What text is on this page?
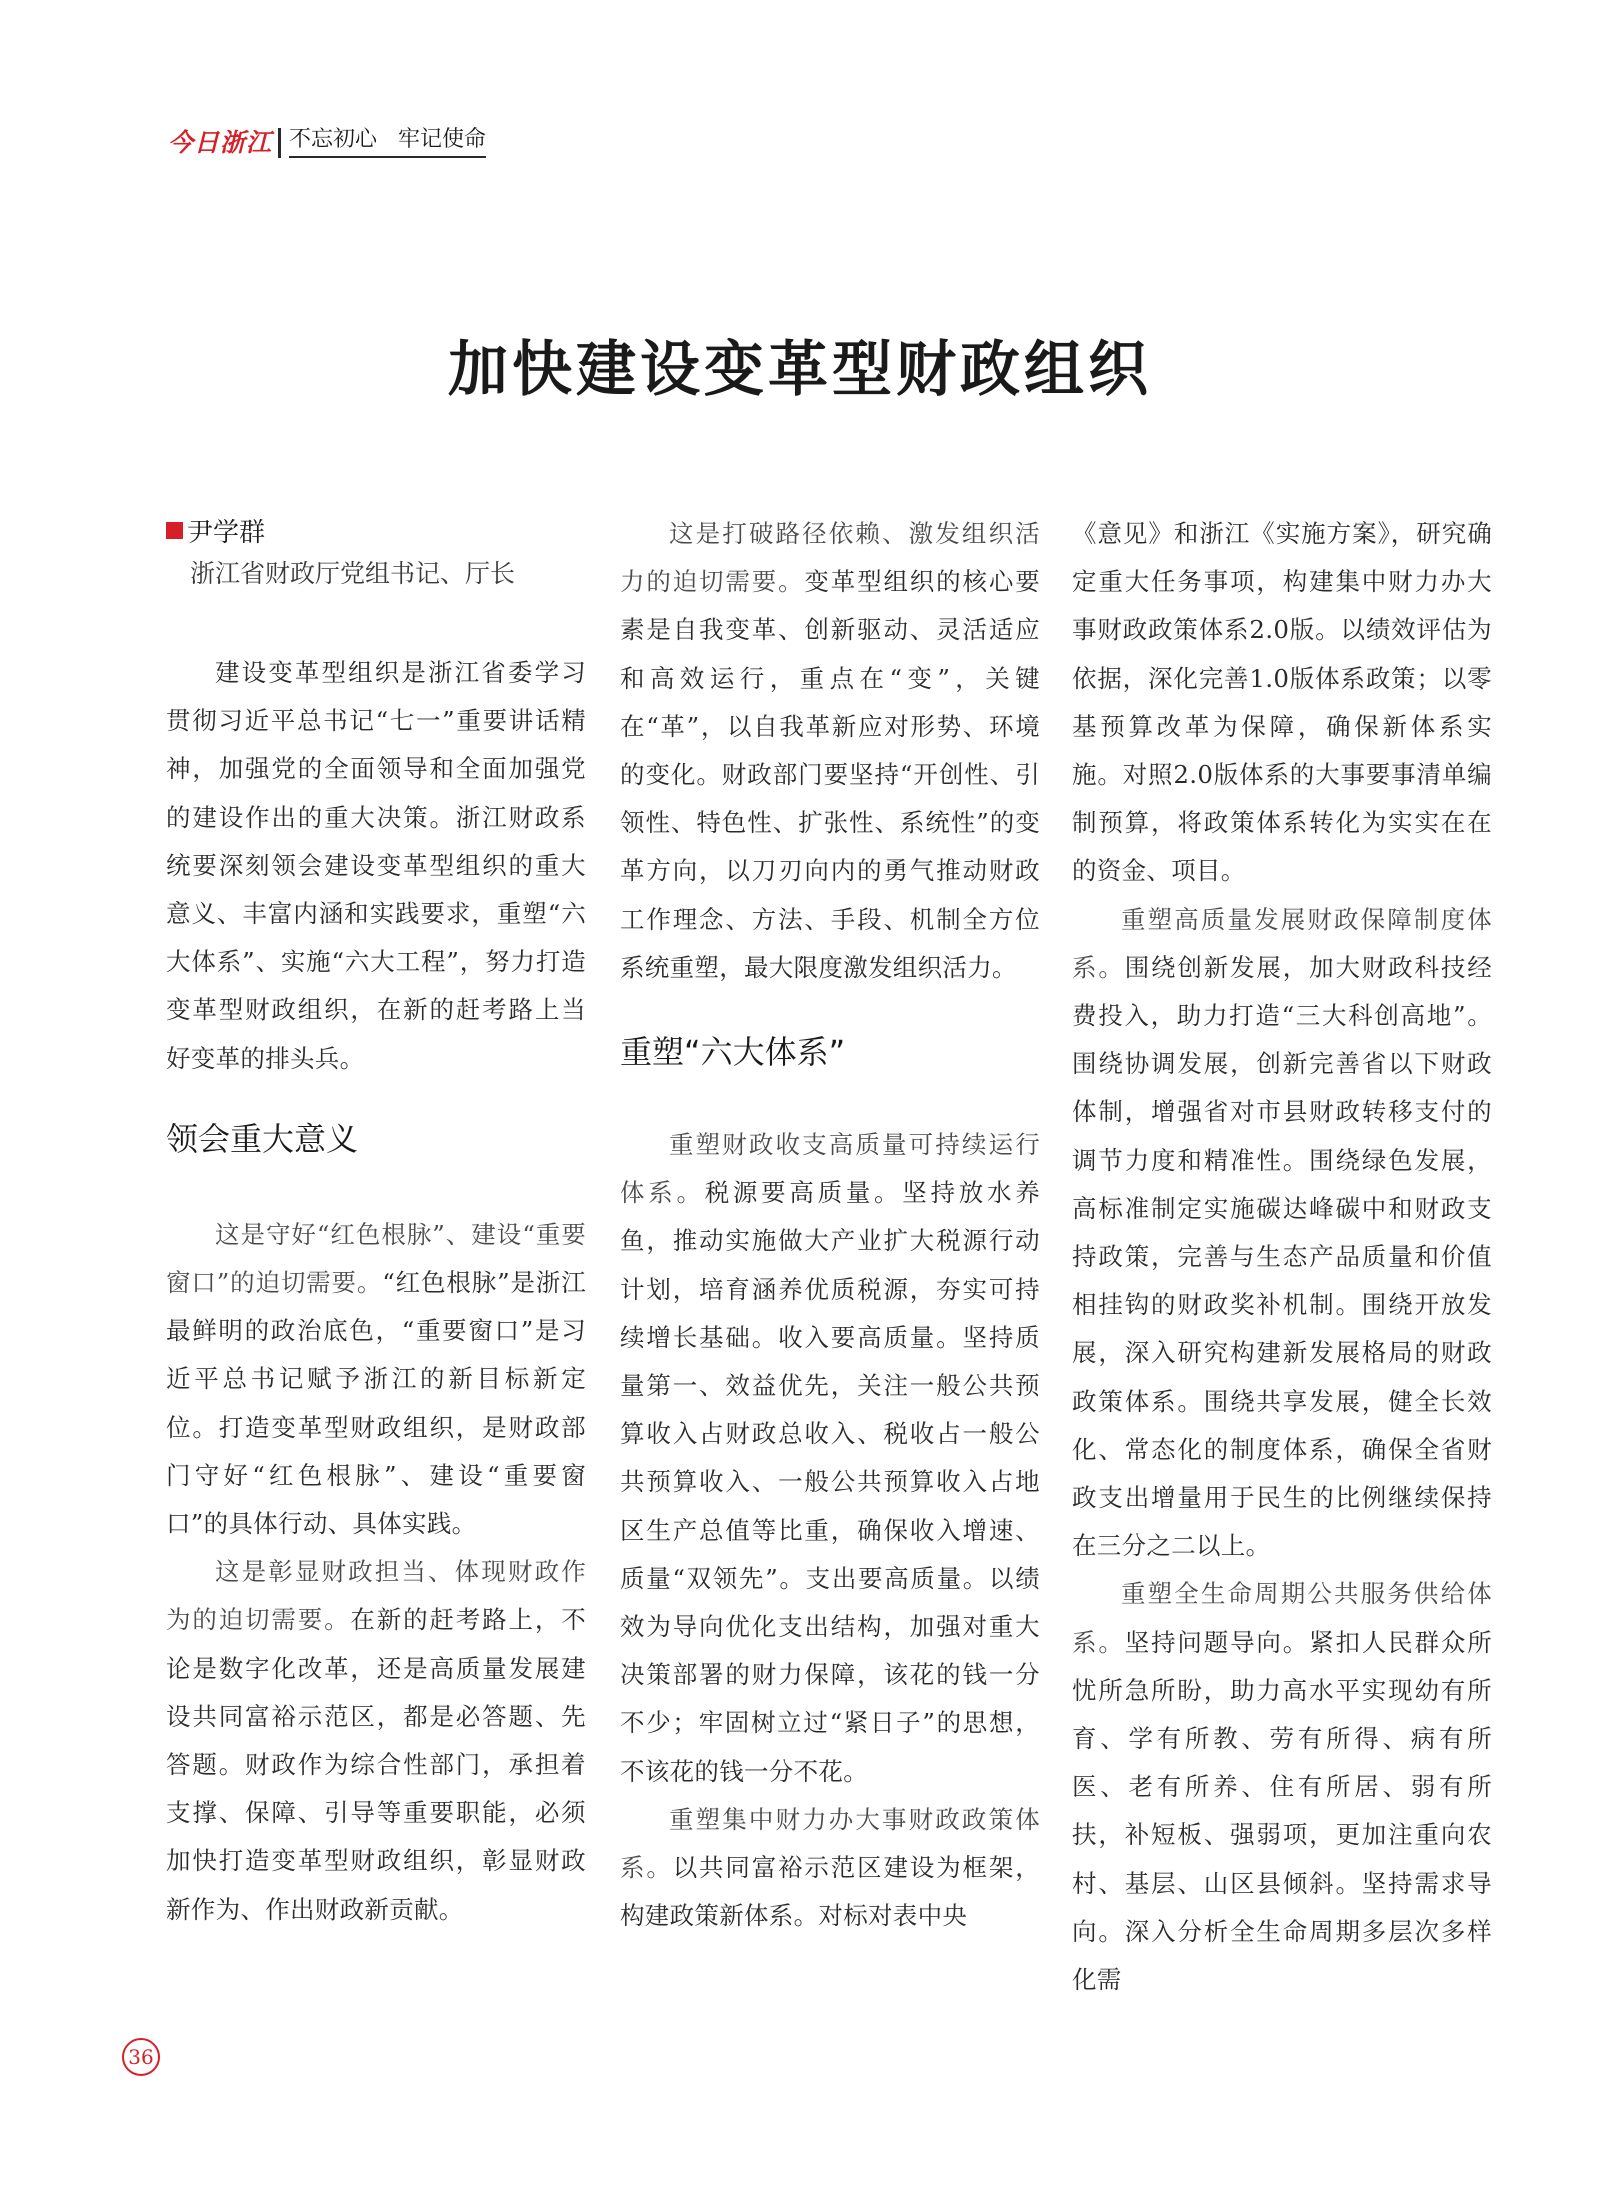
今日浙江 不忘初心 牢记使命
加快建设变革型财政组织
尹学群
浙江省财政厅党组书记、厅长

建设变革型组织是浙江省委学习贯彻习近平总书记“七一”重要讲话精神，加强党的全面领导和全面加强党的建设作出的重大决策。浙江财政系统要深刻领会建设变革型组织的重大意义、丰富内涵和实践要求，重塑“六大体系”、实施“六大工程”，努力打造变革型财政组织，在新的赶考路上当好变革的排头兵。

领会重大意义

这是守好“红色根脉”、建设“重要窗口”的迫切需要。“红色根脉”是浙江最鲜明的政治底色，“重要窗口”是习近平总书记赋予浙江的新目标新定位。打造变革型财政组织，是财政部门守好“红色根脉”、建设“重要窗口”的具体行动、具体实践。

这是彰显财政担当、体现财政作为的迫切需要。在新的赶考路上，不论是数字化改革，还是高质量发展建设共同富裕示范区，都是必答题、先答题。财政作为综合性部门，承担着支撑、保障、引导等重要职能，必须加快打造变革型财政组织，彰显财政新作为、作出财政新贡献。

这是打破路径依赖、激发组织活力的迫切需要。变革型组织的核心要素是自我变革、创新驱动、灵活适应和高效运行，重点在“变”，关键在“革”，以自我革新应对形势、环境的变化。财政部门要坚持“开创性、引领性、特色性、扩张性、系统性”的变革方向，以刀刃向内的勇气推动财政工作理念、方法、手段、机制全方位系统重塑，最大限度激发组织活力。

重塑“六大体系”

重塑财政收支高质量可持续运行体系。税源要高质量。坚持放水养鱼，推动实施做大产业扩大税源行动计划，培育涵养优质税源，夯实可持续增长基础。收入要高质量。坚持质量第一、效益优先，关注一般公共预算收入占财政总收入、税收占一般公共预算收入、一般公共预算收入占地区生产总值等比重，确保收入增速、质量“双领先”。支出要高质量。以绩效为导向优化支出结构，加强对重大决策部署的财力保障，该花的钱一分不少；牢固树立过“紧日子”的思想，不该花的钱一分不花。

重塑集中财力办大事财政政策体系。以共同富裕示范区建设为框架，构建政策新体系。对标对表中央

《意见》和浙江《实施方案》，研究确定重大任务事项，构建集中财力办大事财政政策体系2.0版。以绩效评估为依据，深化完善1.0版体系政策；以零基预算改革为保障，确保新体系实施。对照2.0版体系的大事要事清单编制预算，将政策体系转化为实实在在的资金、项目。

重塑高质量发展财政保障制度体系。围绕创新发展，加大财政科技经费投入，助力打造“三大科创高地”。围绕协调发展，创新完善省以下财政体制，增强省对市县财政转移支付的调节力度和精准性。围绕绿色发展，高标准制定实施碳达峰碳中和财政支持政策，完善与生态产品质量和价值相挂钩的财政奖补机制。围绕开放发展，深入研究构建新发展格局的财政政策体系。围绕共享发展，健全长效化、常态化的制度体系，确保全省财政支出增量用于民生的比例继续保持在三分之二以上。

重塑全生命周期公共服务供给体系。坚持问题导向。紧扣人民群众所忧所急所盼，助力高水平实现幼有所育、学有所教、劳有所得、病有所医、老有所养、住有所居、弱有所扶，补短板、强弱项，更加注重向农村、基层、山区县倾斜。坚持需求导向。深入分析全生命周期多层次多样化需

36
